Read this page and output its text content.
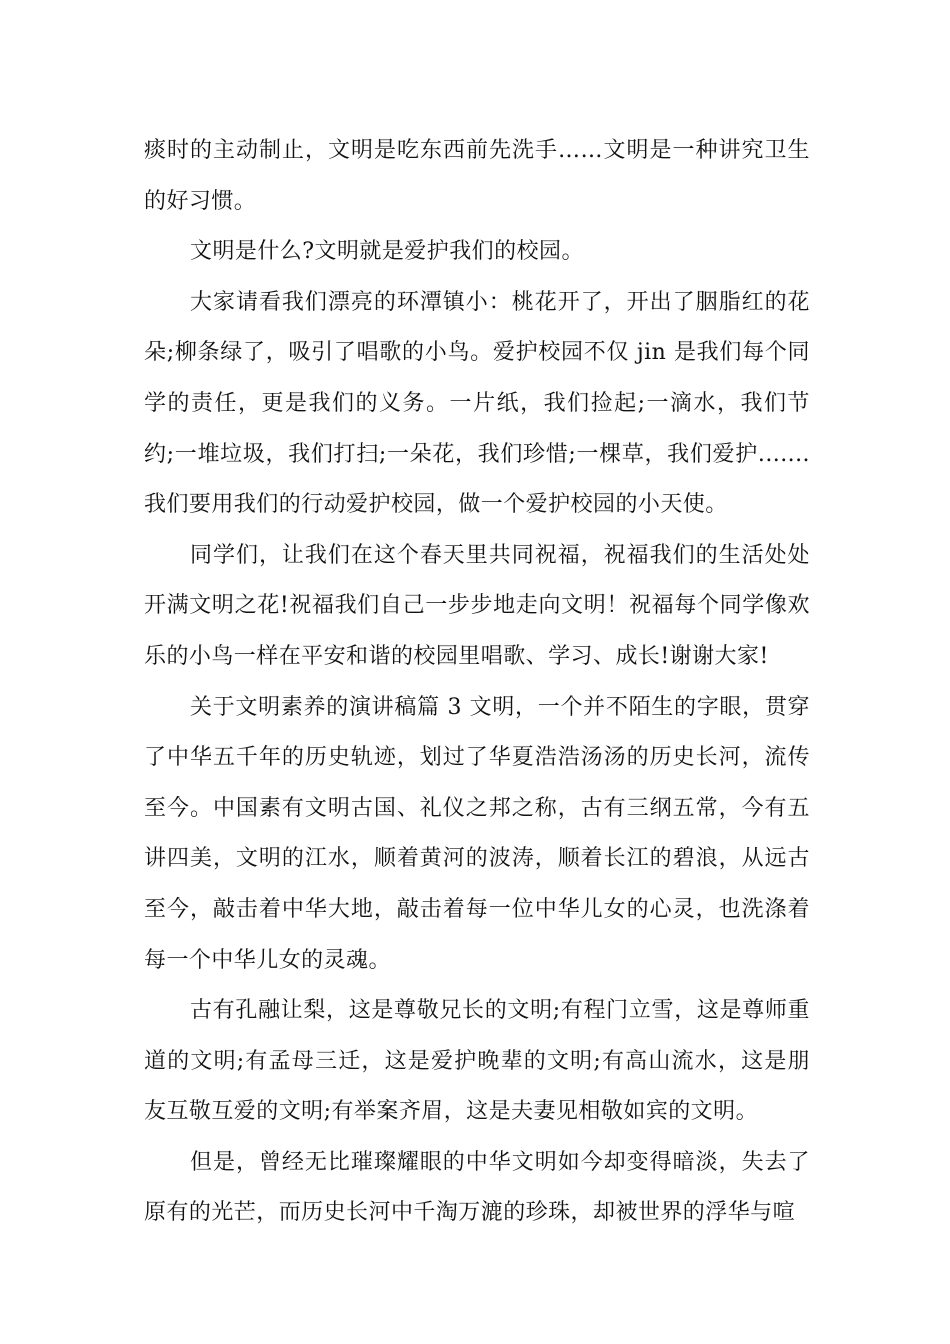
痰时的主动制止，文明是吃东西前先洗手……文明是一种讲究卫生的好习惯。

文明是什么?文明就是爱护我们的校园。

大家请看我们漂亮的环潭镇小：桃花开了，开出了胭脂红的花朵;柳条绿了，吸引了唱歌的小鸟。爱护校园不仅 jin 是我们每个同学的责任，更是我们的义务。一片纸，我们捡起;一滴水，我们节约;一堆垃圾，我们打扫;一朵花，我们珍惜;一棵草，我们爱护.......我们要用我们的行动爱护校园，做一个爱护校园的小天使。

同学们，让我们在这个春天里共同祝福，祝福我们的生活处处开满文明之花!祝福我们自己一步步地走向文明！祝福每个同学像欢乐的小鸟一样在平安和谐的校园里唱歌、学习、成长!谢谢大家!

关于文明素养的演讲稿篇 3 文明，一个并不陌生的字眼，贯穿了中华五千年的历史轨迹，划过了华夏浩浩汤汤的历史长河，流传至今。中国素有文明古国、礼仪之邦之称，古有三纲五常，今有五讲四美，文明的江水，顺着黄河的波涛，顺着长江的碧浪，从远古至今，敲击着中华大地，敲击着每一位中华儿女的心灵，也洗涤着每一个中华儿女的灵魂。

古有孔融让梨，这是尊敬兄长的文明;有程门立雪，这是尊师重道的文明;有孟母三迁，这是爱护晚辈的文明;有高山流水，这是朋友互敬互爱的文明;有举案齐眉，这是夫妻见相敬如宾的文明。

但是，曾经无比璀璨耀眼的中华文明如今却变得暗淡，失去了原有的光芒，而历史长河中千淘万漉的珍珠，却被世界的浮华与喧
